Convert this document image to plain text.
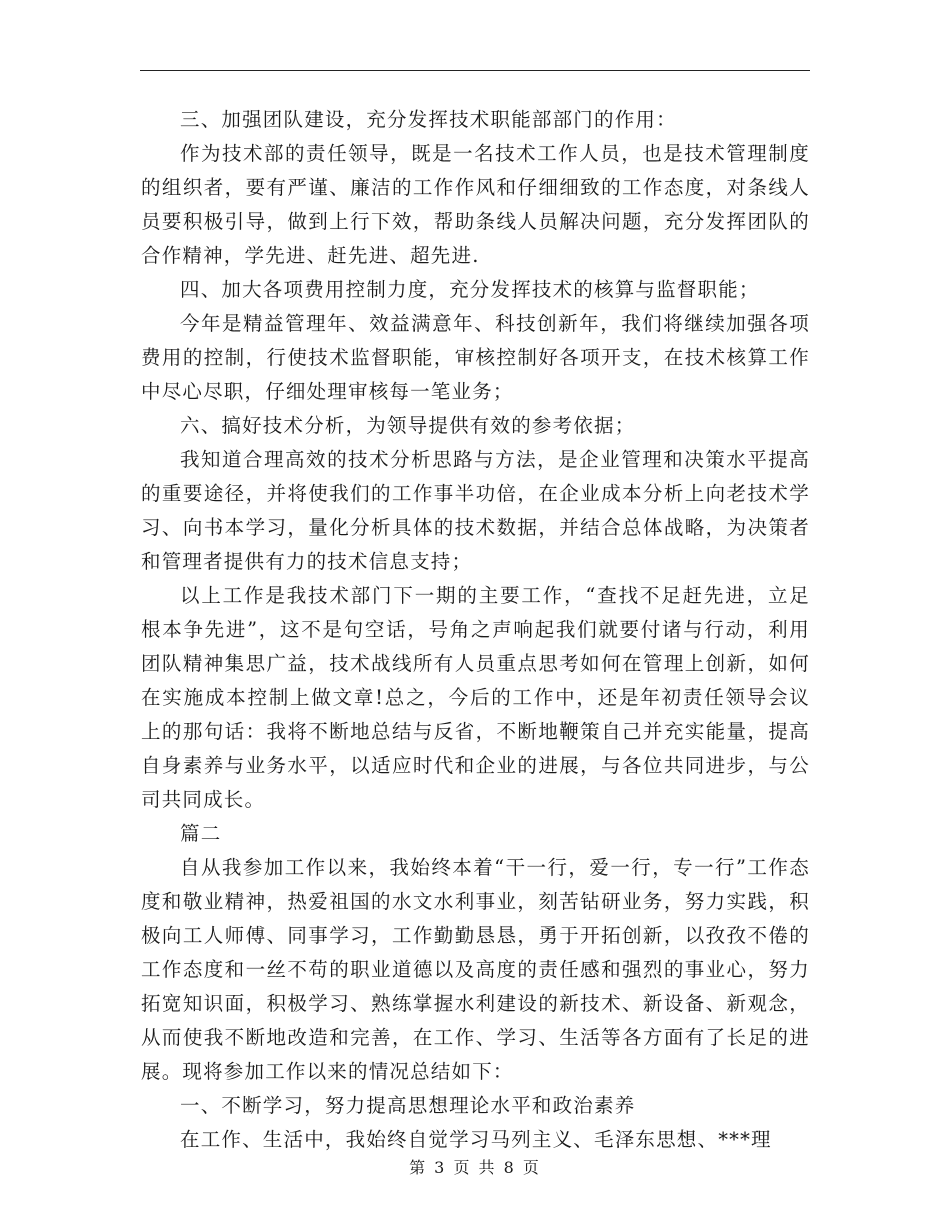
三、加强团队建设，充分发挥技术职能部部门的作用：

作为技术部的责任领导，既是一名技术工作人员，也是技术管理制度的组织者，要有严谨、廉洁的工作作风和仔细细致的工作态度，对条线人员要积极引导，做到上行下效，帮助条线人员解决问题，充分发挥团队的合作精神，学先进、赶先进、超先进.

四、加大各项费用控制力度，充分发挥技术的核算与监督职能；

今年是精益管理年、效益满意年、科技创新年，我们将继续加强各项费用的控制，行使技术监督职能，审核控制好各项开支，在技术核算工作中尽心尽职，仔细处理审核每一笔业务；

六、搞好技术分析，为领导提供有效的参考依据；

我知道合理高效的技术分析思路与方法，是企业管理和决策水平提高的重要途径，并将使我们的工作事半功倍，在企业成本分析上向老技术学习、向书本学习，量化分析具体的技术数据，并结合总体战略，为决策者和管理者提供有力的技术信息支持；

以上工作是我技术部门下一期的主要工作，“查找不足赶先进，立足根本争先进”，这不是句空话，号角之声响起我们就要付诸与行动，利用团队精神集思广益，技术战线所有人员重点思考如何在管理上创新，如何在实施成本控制上做文章!总之，今后的工作中，还是年初责任领导会议上的那句话：我将不断地总结与反省，不断地鞭策自己并充实能量，提高自身素养与业务水平，以适应时代和企业的进展，与各位共同进步，与公司共同成长。

篇二

自从我参加工作以来，我始终本着“干一行，爱一行，专一行”工作态度和敬业精神，热爱祖国的水文水利事业，刻苦钻研业务，努力实践，积极向工人师傅、同事学习，工作勤勤恳恳，勇于开拓创新，以孜孜不倦的工作态度和一丝不苟的职业道德以及高度的责任感和强烈的事业心，努力拓宽知识面，积极学习、熟练掌握水利建设的新技术、新设备、新观念，从而使我不断地改造和完善，在工作、学习、生活等各方面有了长足的进展。现将参加工作以来的情况总结如下：

一、不断学习，努力提高思想理论水平和政治素养

在工作、生活中，我始终自觉学习马列主义、毛泽东思想、***理

第 3 页 共 8 页
